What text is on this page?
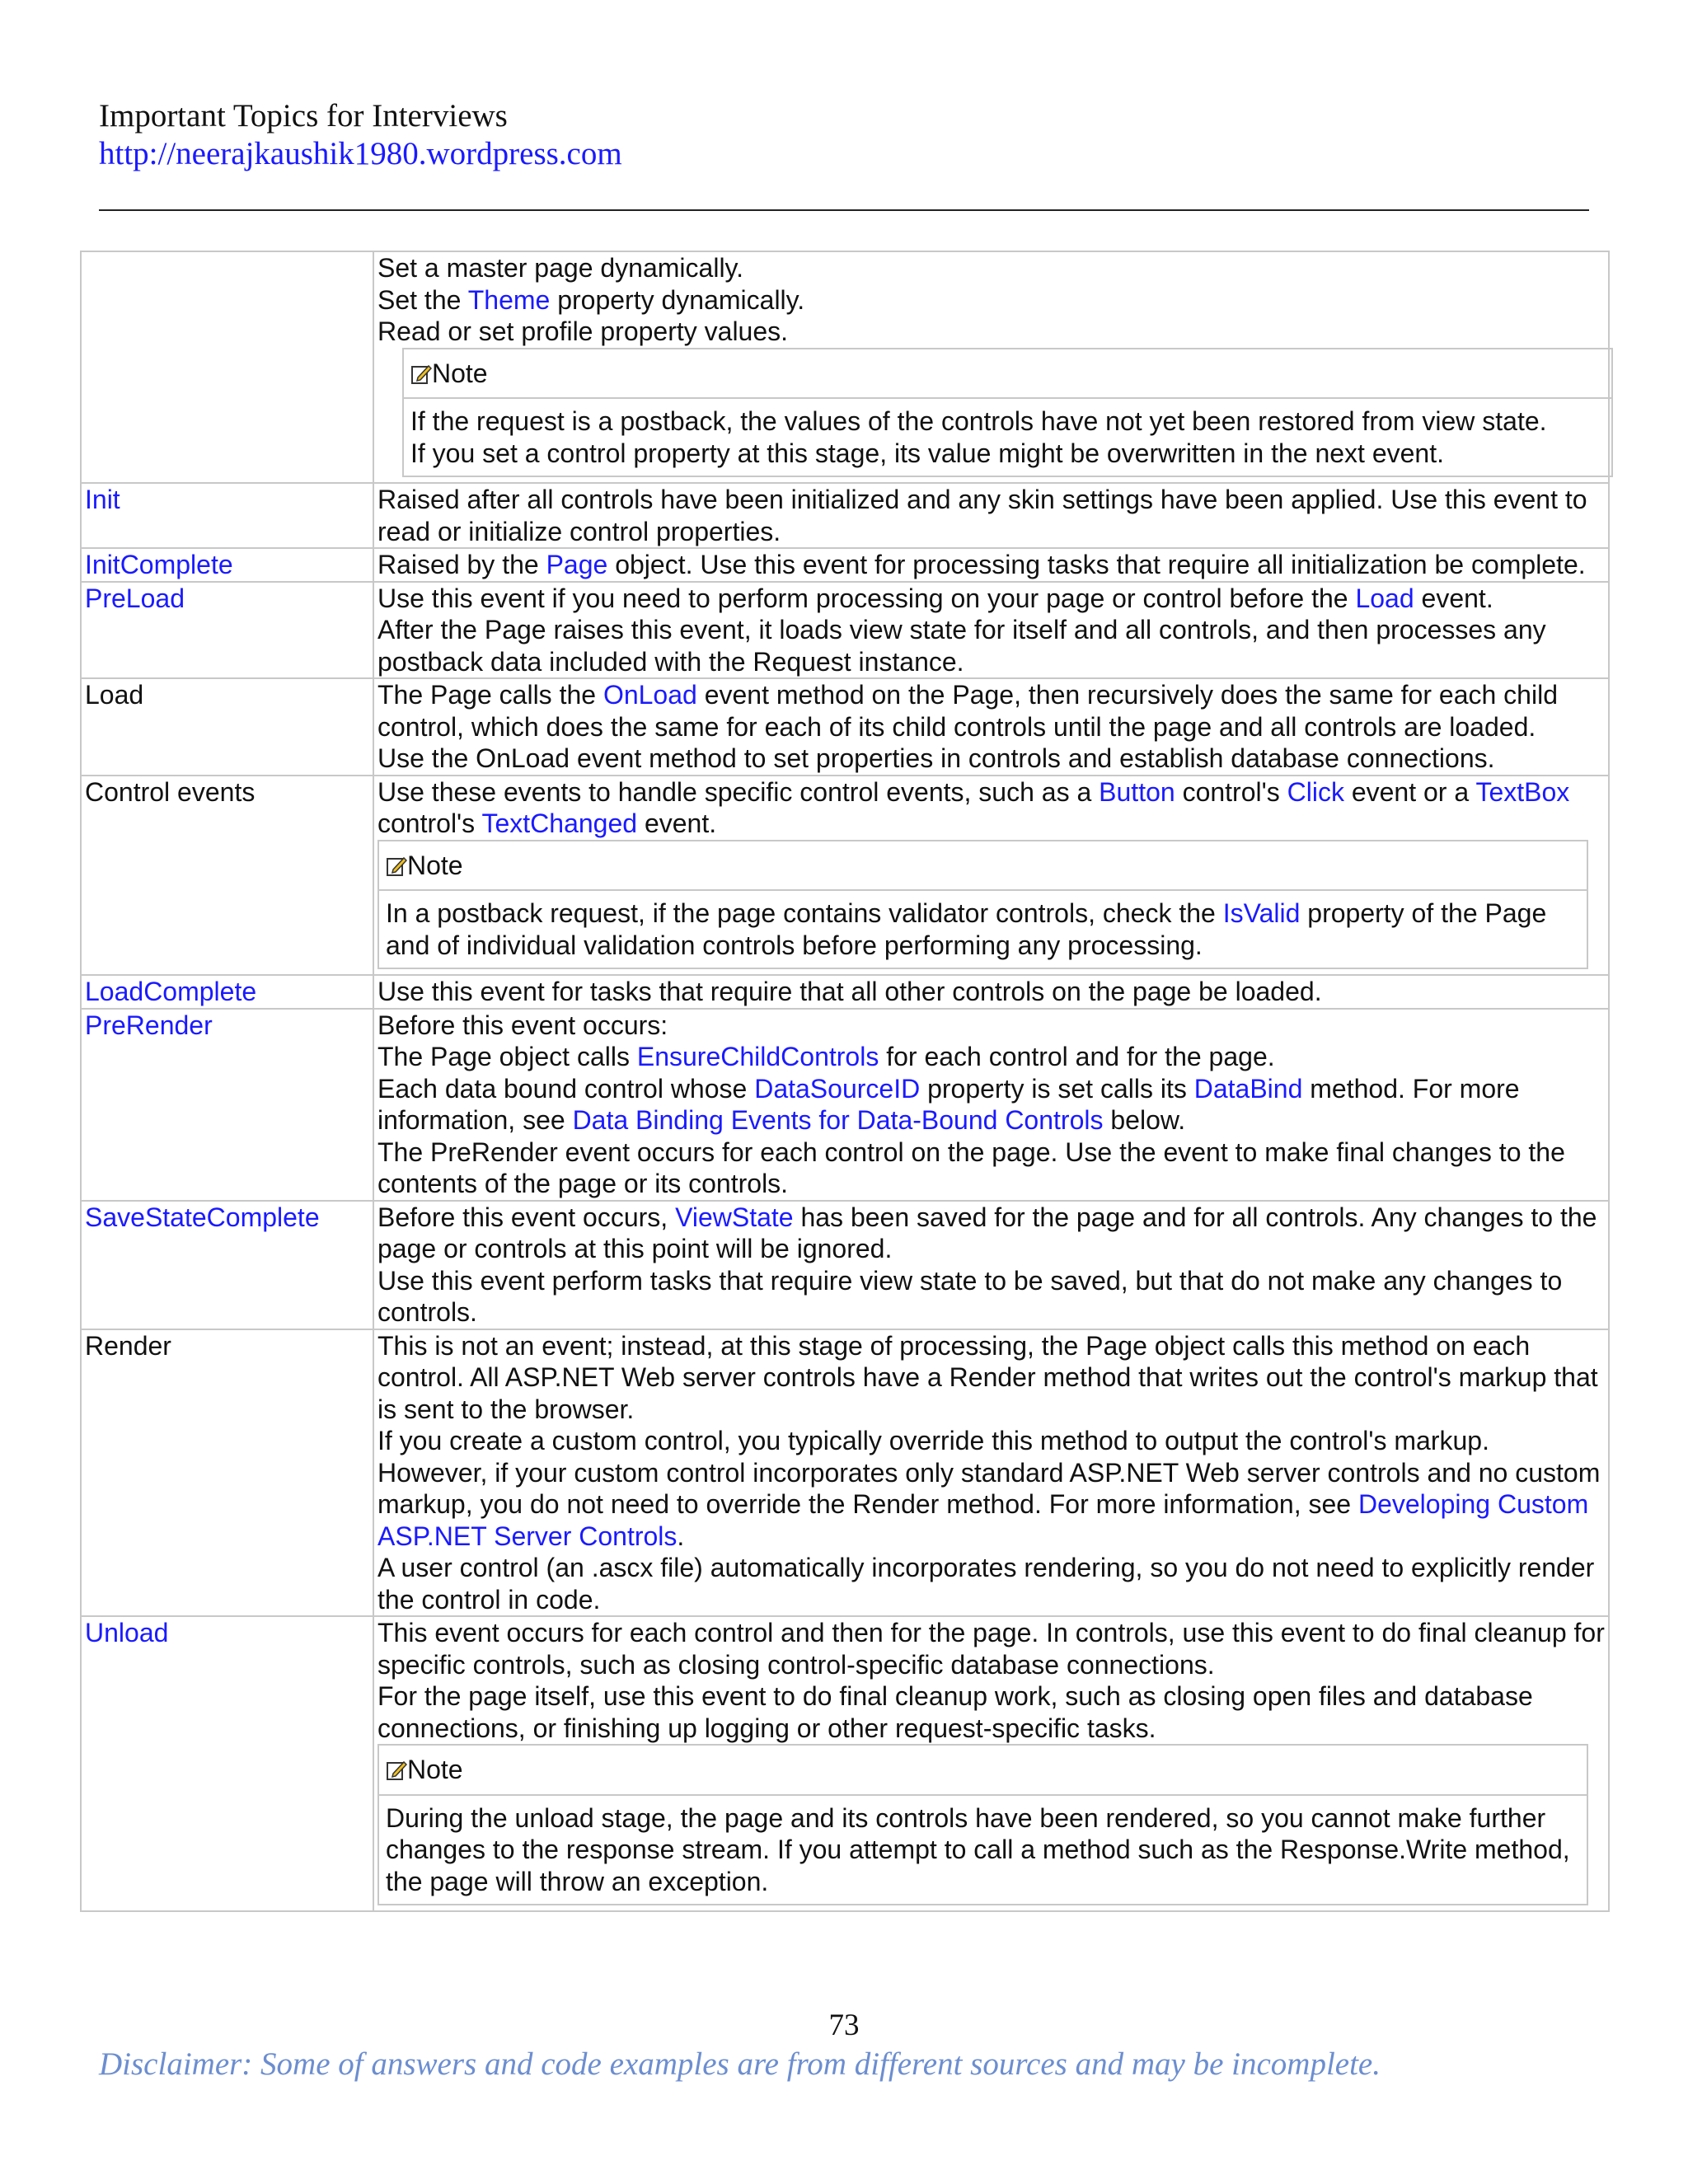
Important Topics for Interviews
http://neerajkaushik1980.wordpress.com

Set a master page dynamically.
Set the Theme property dynamically.
Read or set profile property values.
Note

If the request is a postback, the values of the controls have not yet been restored from view state.
If you set a control property at this stage, its value might be overwritten in the next event.

Init	Raised after all controls have been initialized and any skin settings have been applied. Use this event to read or initialize control properties.
InitComplete	Raised by the Page object. Use this event for processing tasks that require all initialization be complete.
PreLoad	Use this event if you need to perform processing on your page or control before the Load event.
After the Page raises this event, it loads view state for itself and all controls, and then processes any postback data included with the Request instance.

Load	The Page calls the OnLoad event method on the Page, then recursively does the same for each child control, which does the same for each of its child controls until the page and all controls are loaded.
Use the OnLoad event method to set properties in controls and establish database connections.

Control events	Use these events to handle specific control events, such as a Button control's Click event or a TextBox control's TextChanged event.
Note
In a postback request, if the page contains validator controls, check the IsValid property of the Page and of individual validation controls before performing any processing.

LoadComplete	Use this event for tasks that require that all other controls on the page be loaded.
PreRender	Before this event occurs:
The Page object calls EnsureChildControls for each control and for the page.
Each data bound control whose DataSourceID property is set calls its DataBind method. For more information, see Data Binding Events for Data-Bound Controls below.
The PreRender event occurs for each control on the page. Use the event to make final changes to the contents of the page or its controls.

SaveStateComplete	Before this event occurs, ViewState has been saved for the page and for all controls. Any changes to the page or controls at this point will be ignored.
Use this event perform tasks that require view state to be saved, but that do not make any changes to controls.

Render	This is not an event; instead, at this stage of processing, the Page object calls this method on each control. All ASP.NET Web server controls have a Render method that writes out the control's markup that is sent to the browser.
If you create a custom control, you typically override this method to output the control's markup. However, if your custom control incorporates only standard ASP.NET Web server controls and no custom markup, you do not need to override the Render method. For more information, see Developing Custom ASP.NET Server Controls.
A user control (an .ascx file) automatically incorporates rendering, so you do not need to explicitly render the control in code.

Unload	This event occurs for each control and then for the page. In controls, use this event to do final cleanup for specific controls, such as closing control-specific database connections.
For the page itself, use this event to do final cleanup work, such as closing open files and database connections, or finishing up logging or other request-specific tasks.
Note
During the unload stage, the page and its controls have been rendered, so you cannot make further changes to the response stream. If you attempt to call a method such as the Response.Write method, the page will throw an exception.
73
Disclaimer: Some of answers and code examples are from different sources and may be incomplete.
